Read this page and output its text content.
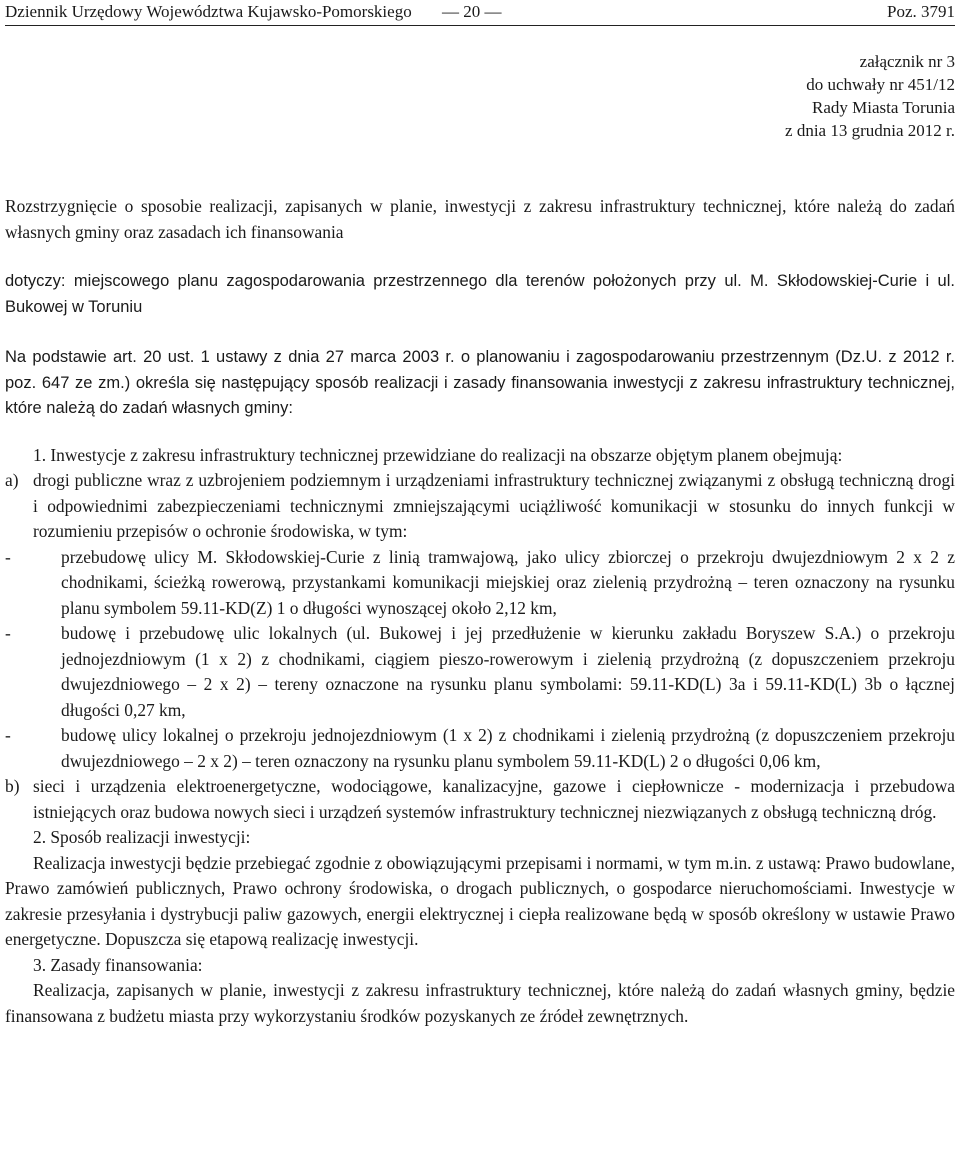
Dziennik Urzędowy Województwa Kujawsko-Pomorskiego — 20 —	Poz. 3791
załącznik nr 3
do uchwały nr 451/12
Rady Miasta Torunia
z dnia 13 grudnia 2012 r.

Rozstrzygnięcie o sposobie realizacji, zapisanych w planie, inwestycji z zakresu infrastruktury technicznej, które należą do zadań własnych gminy oraz zasadach ich finansowania

dotyczy: miejscowego planu zagospodarowania przestrzennego dla terenów położonych przy ul. M. Skłodowskiej-Curie i ul. Bukowej w Toruniu

Na podstawie art. 20 ust. 1 ustawy z dnia 27 marca 2003 r. o planowaniu i zagospodarowaniu przestrzennym (Dz.U. z 2012 r. poz. 647 ze zm.) określa się następujący sposób realizacji i zasady finansowania inwestycji z zakresu infrastruktury technicznej, które należą do zadań własnych gminy:

1. Inwestycje z zakresu infrastruktury technicznej przewidziane do realizacji na obszarze objętym planem obejmują:

a) drogi publiczne wraz z uzbrojeniem podziemnym i urządzeniami infrastruktury technicznej związanymi z obsługą techniczną drogi i odpowiednimi zabezpieczeniami technicznymi zmniejszającymi uciążliwość komunikacji w stosunku do innych funkcji w rozumieniu przepisów o ochronie środowiska, w tym:
-	przebudowę ulicy M. Skłodowskiej-Curie z linią tramwajową, jako ulicy zbiorczej o przekroju dwujezdniowym 2 x 2 z chodnikami, ścieżką rowerową, przystankami komunikacji miejskiej oraz zielenią przydrożną – teren oznaczony na rysunku planu symbolem 59.11-KD(Z) 1 o długości wynoszącej około 2,12 km,
-	budowę i przebudowę ulic lokalnych (ul. Bukowej i jej przedłużenie w kierunku zakładu Boryszew S.A.) o przekroju jednojezdniowym (1 x 2) z chodnikami, ciągiem pieszo-rowerowym i zielenią przydrożną (z dopuszczeniem przekroju dwujezdniowego – 2 x 2) – tereny oznaczone na rysunku planu symbolami: 59.11-KD(L) 3a i 59.11-KD(L) 3b o łącznej długości 0,27 km,
-	budowę ulicy lokalnej o przekroju jednojezdniowym (1 x 2) z chodnikami i zielenią przydrożną (z dopuszczeniem przekroju dwujezdniowego – 2 x 2) – teren oznaczony na rysunku planu symbolem 59.11-KD(L) 2 o długości 0,06 km,
b) sieci i urządzenia elektroenergetyczne, wodociągowe, kanalizacyjne, gazowe i ciepłownicze - modernizacja i przebudowa istniejących oraz budowa nowych sieci i urządzeń systemów infrastruktury technicznej niezwiązanych z obsługą techniczną dróg.

2. Sposób realizacji inwestycji:

Realizacja inwestycji będzie przebiegać zgodnie z obowiązującymi przepisami i normami, w tym m.in. z ustawą: Prawo budowlane, Prawo zamówień publicznych, Prawo ochrony środowiska, o drogach publicznych, o gospodarce nieruchomościami. Inwestycje w zakresie przesyłania i dystrybucji paliw gazowych, energii elektrycznej i ciepła realizowane będą w sposób określony w ustawie Prawo energetyczne. Dopuszcza się etapową realizację inwestycji.

3. Zasady finansowania:

Realizacja, zapisanych w planie, inwestycji z zakresu infrastruktury technicznej, które należą do zadań własnych gminy, będzie finansowana z budżetu miasta przy wykorzystaniu środków pozyskanych ze źródeł zewnętrznych.
